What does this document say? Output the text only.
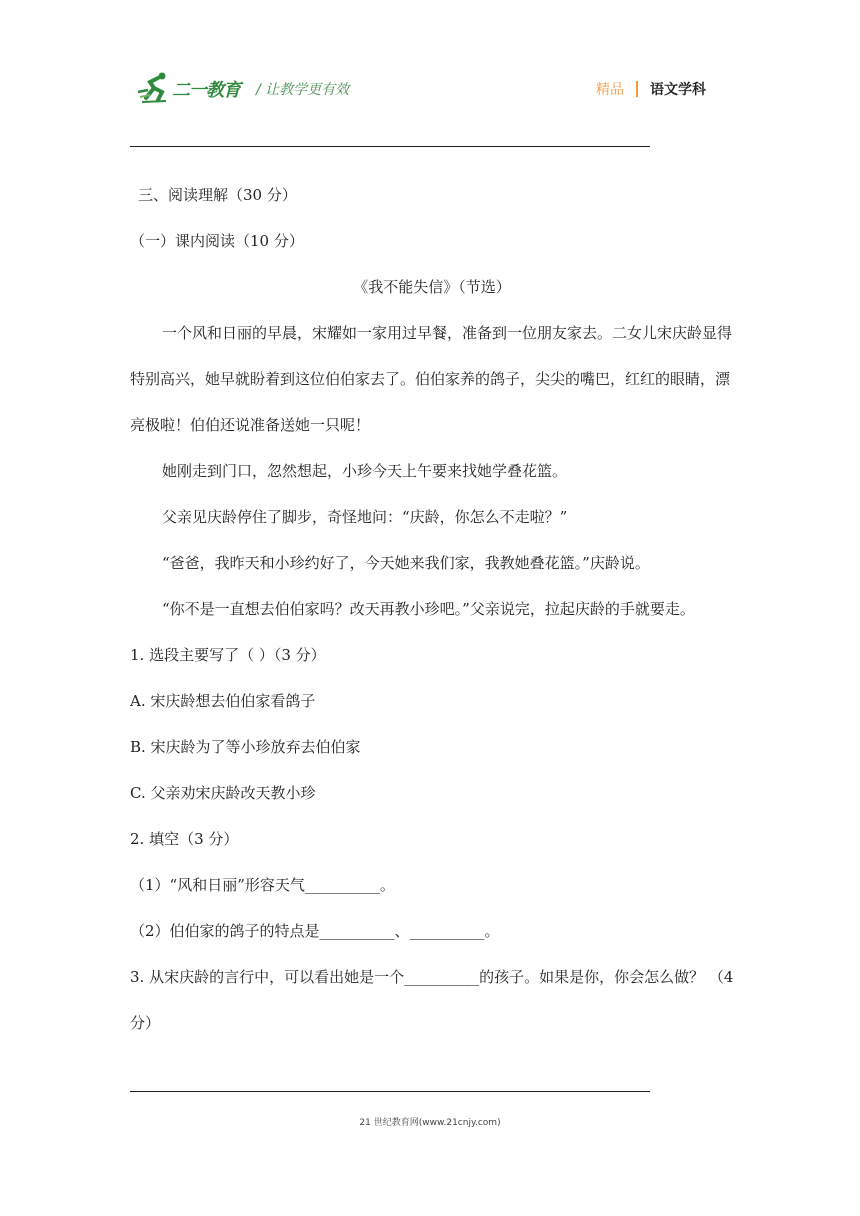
二一教育 / 让教学更有效	精品 语文学科

三、阅读理解（30 分）

（一）课内阅读（10 分）

《我不能失信》（节选）

一个风和日丽的早晨，宋耀如一家用过早餐，准备到一位朋友家去。二女儿宋庆龄显得特别高兴，她早就盼着到这位伯伯家去了。伯伯家养的鸽子，尖尖的嘴巴，红红的眼睛，漂亮极啦！伯伯还说准备送她一只呢！

她刚走到门口，忽然想起，小珍今天上午要来找她学叠花篮。

父亲见庆龄停住了脚步，奇怪地问：“庆龄，你怎么不走啦？”

“爸爸，我昨天和小珍约好了，今天她来我们家，我教她叠花篮。”庆龄说。

“你不是一直想去伯伯家吗？改天再教小珍吧。”父亲说完，拉起庆龄的手就要走。

1. 选段主要写了（ ）（3 分）

A. 宋庆龄想去伯伯家看鸽子

B. 宋庆龄为了等小珍放弃去伯伯家

C. 父亲劝宋庆龄改天教小珍

2. 填空（3 分）

（1）“风和日丽”形容天气__________。

（2）伯伯家的鸽子的特点是__________、__________。

3. 从宋庆龄的言行中，可以看出她是一个__________的孩子。如果是你，你会怎么做？ （4 分）

21 世纪教育网(www.21cnjy.com)
